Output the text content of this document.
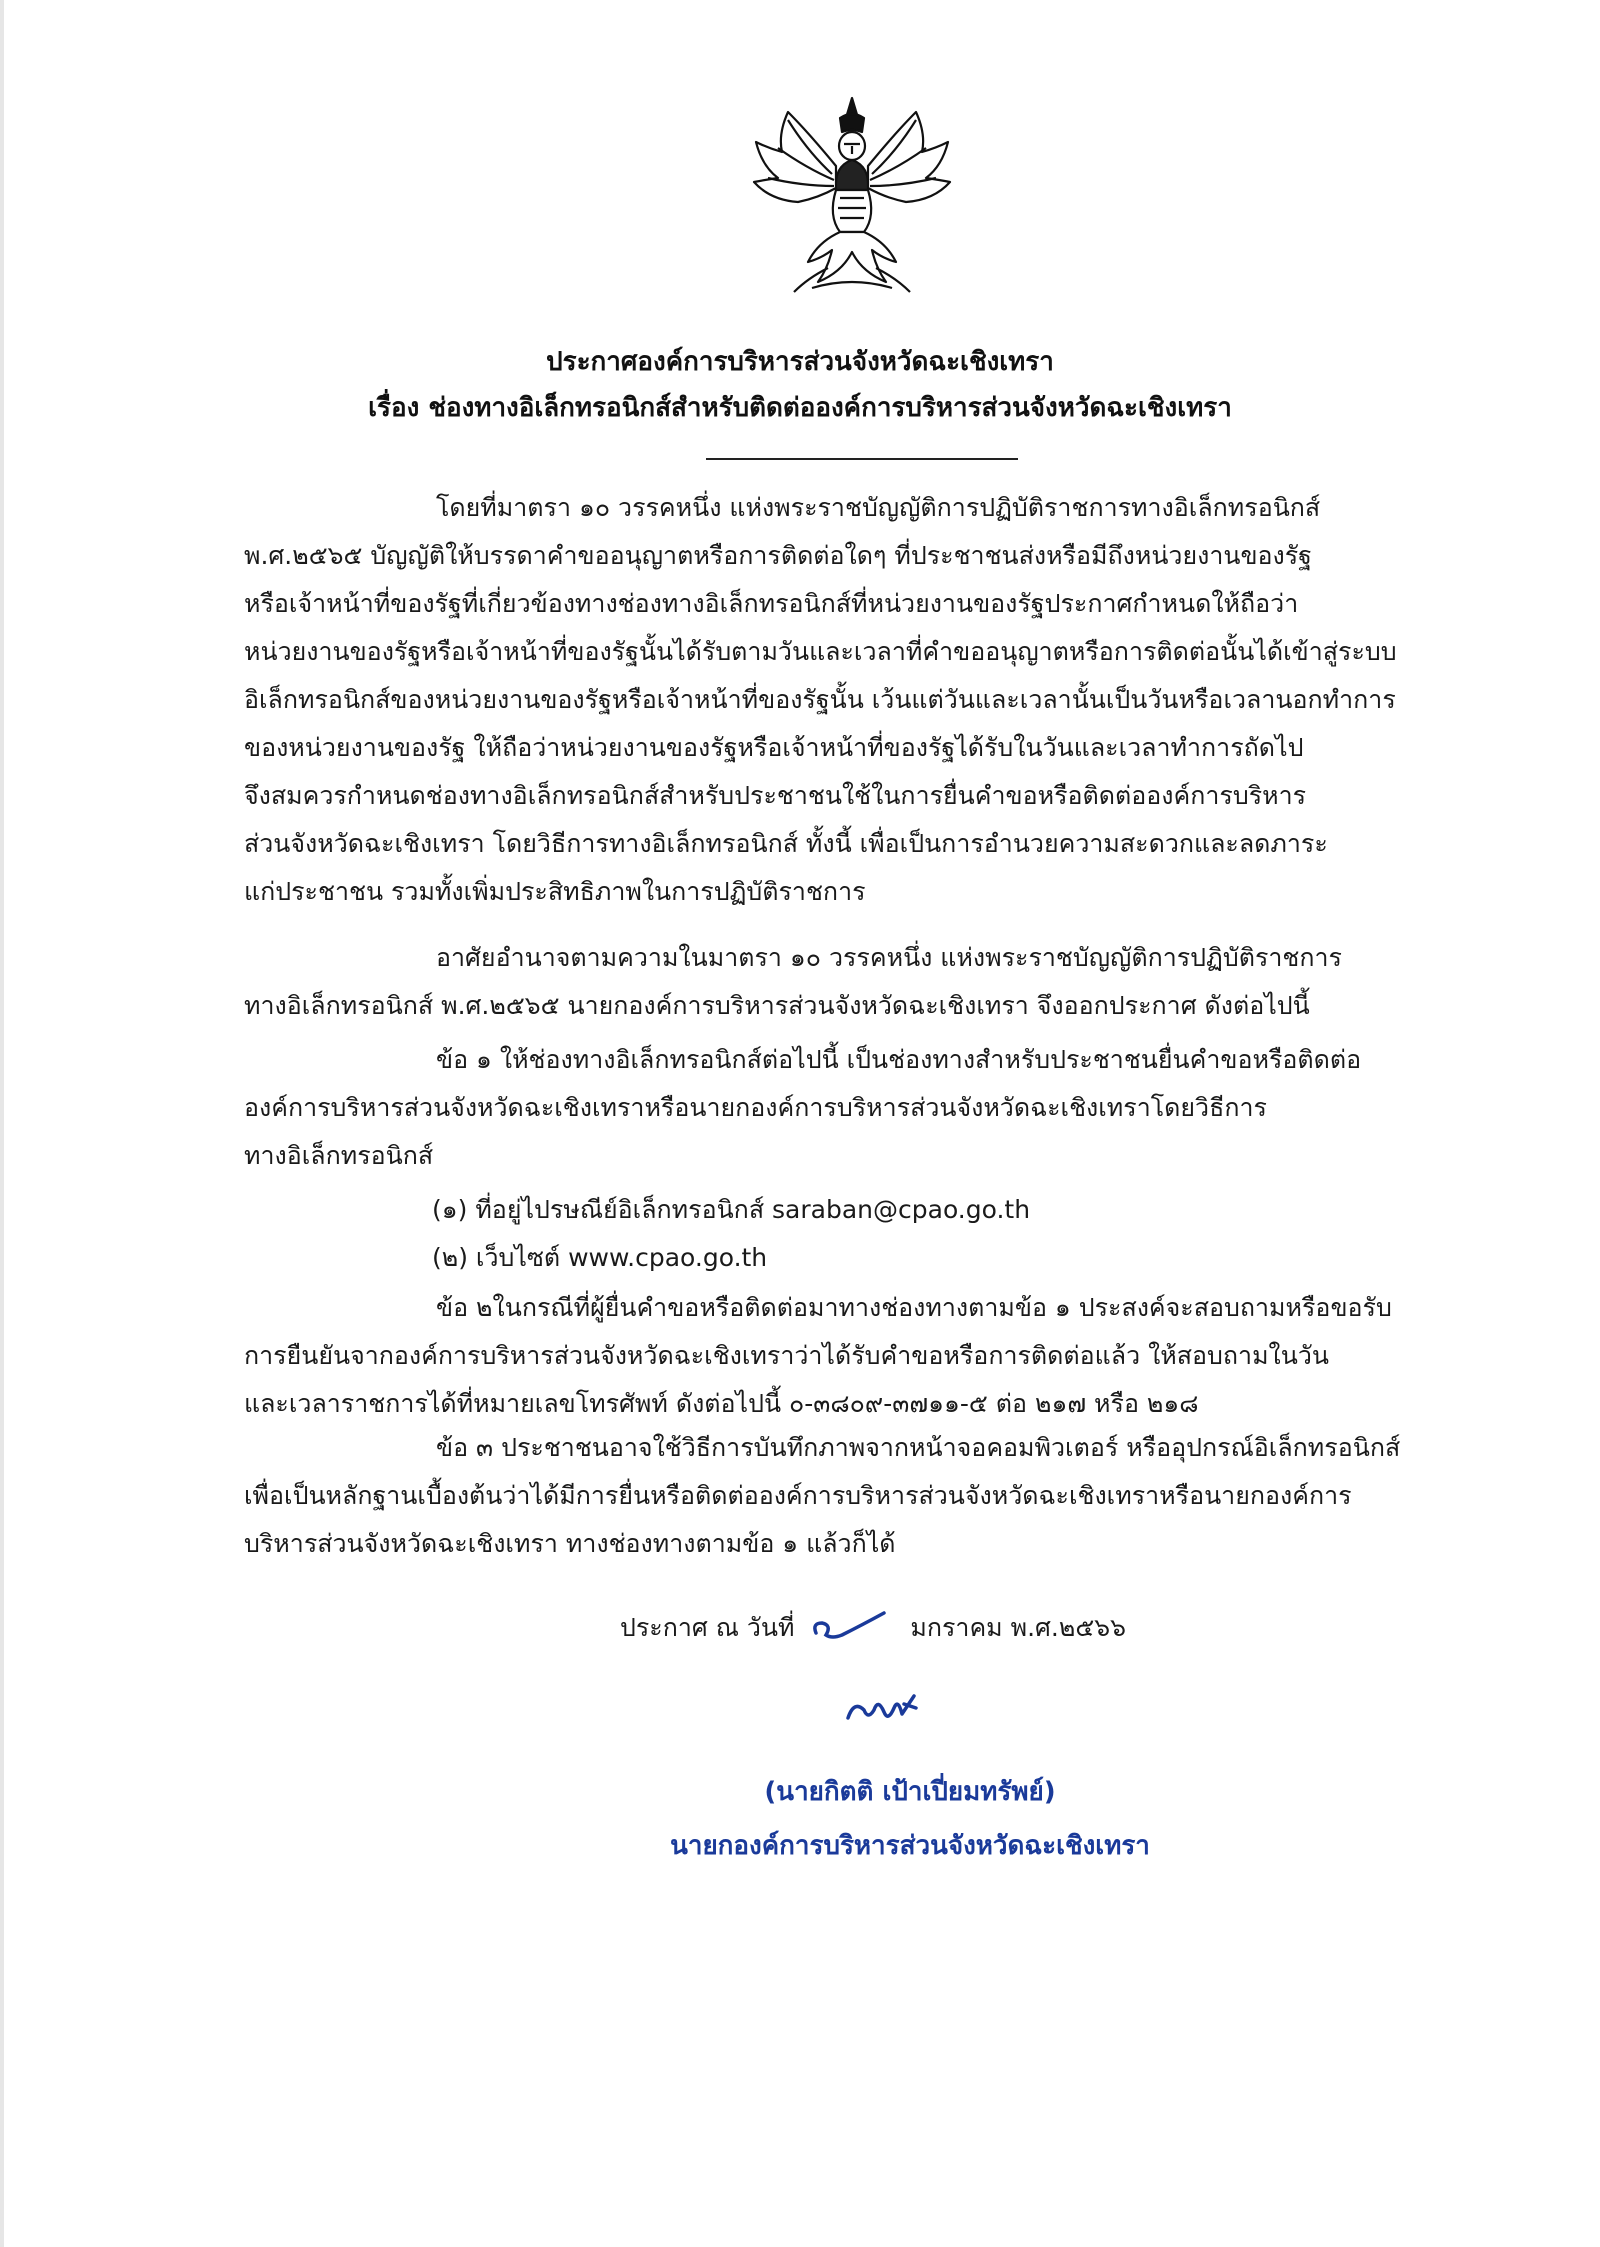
ประกาศองค์การบริหารส่วนจังหวัดฉะเชิงเทรา
เรื่อง ช่องทางอิเล็กทรอนิกส์สำหรับติดต่อองค์การบริหารส่วนจังหวัดฉะเชิงเทรา
โดยที่มาตรา ๑๐ วรรคหนึ่ง แห่งพระราชบัญญัติการปฏิบัติราชการทางอิเล็กทรอนิกส์
พ.ศ.๒๕๖๕ บัญญัติให้บรรดาคำขออนุญาตหรือการติดต่อใดๆ ที่ประชาชนส่งหรือมีถึงหน่วยงานของรัฐ
หรือเจ้าหน้าที่ของรัฐที่เกี่ยวข้องทางช่องทางอิเล็กทรอนิกส์ที่หน่วยงานของรัฐประกาศกำหนดให้ถือว่า
หน่วยงานของรัฐหรือเจ้าหน้าที่ของรัฐนั้นได้รับตามวันและเวลาที่คำขออนุญาตหรือการติดต่อนั้นได้เข้าสู่ระบบ
อิเล็กทรอนิกส์ของหน่วยงานของรัฐหรือเจ้าหน้าที่ของรัฐนั้น เว้นแต่วันและเวลานั้นเป็นวันหรือเวลานอกทำการ
ของหน่วยงานของรัฐ ให้ถือว่าหน่วยงานของรัฐหรือเจ้าหน้าที่ของรัฐได้รับในวันและเวลาทำการถัดไป
จึงสมควรกำหนดช่องทางอิเล็กทรอนิกส์สำหรับประชาชนใช้ในการยื่นคำขอหรือติดต่อองค์การบริหาร
ส่วนจังหวัดฉะเชิงเทรา โดยวิธีการทางอิเล็กทรอนิกส์ ทั้งนี้ เพื่อเป็นการอำนวยความสะดวกและลดภาระ
แก่ประชาชน รวมทั้งเพิ่มประสิทธิภาพในการปฏิบัติราชการ
อาศัยอำนาจตามความในมาตรา ๑๐ วรรคหนึ่ง แห่งพระราชบัญญัติการปฏิบัติราชการ
ทางอิเล็กทรอนิกส์ พ.ศ.๒๕๖๕ นายกองค์การบริหารส่วนจังหวัดฉะเชิงเทรา จึงออกประกาศ ดังต่อไปนี้
ข้อ ๑ ให้ช่องทางอิเล็กทรอนิกส์ต่อไปนี้ เป็นช่องทางสำหรับประชาชนยื่นคำขอหรือติดต่อ
องค์การบริหารส่วนจังหวัดฉะเชิงเทราหรือนายกองค์การบริหารส่วนจังหวัดฉะเชิงเทราโดยวิธีการ
ทางอิเล็กทรอนิกส์
(๑) ที่อยู่ไปรษณีย์อิเล็กทรอนิกส์ saraban@cpao.go.th
(๒) เว็บไซต์ www.cpao.go.th
ข้อ ๒ในกรณีที่ผู้ยื่นคำขอหรือติดต่อมาทางช่องทางตามข้อ ๑ ประสงค์จะสอบถามหรือขอรับ
การยืนยันจากองค์การบริหารส่วนจังหวัดฉะเชิงเทราว่าได้รับคำขอหรือการติดต่อแล้ว ให้สอบถามในวัน
และเวลาราชการได้ที่หมายเลขโทรศัพท์ ดังต่อไปนี้ ๐-๓๘๐๙-๓๗๑๑-๕ ต่อ ๒๑๗ หรือ ๒๑๘
ข้อ ๓ ประชาชนอาจใช้วิธีการบันทึกภาพจากหน้าจอคอมพิวเตอร์ หรืออุปกรณ์อิเล็กทรอนิกส์
เพื่อเป็นหลักฐานเบื้องต้นว่าได้มีการยื่นหรือติดต่อองค์การบริหารส่วนจังหวัดฉะเชิงเทราหรือนายกองค์การ
บริหารส่วนจังหวัดฉะเชิงเทรา ทางช่องทางตามข้อ ๑ แล้วก็ได้
ประกาศ ณ วันที่	มกราคม พ.ศ.๒๕๖๖
(นายกิตติ เป้าเปี่ยมทรัพย์)
นายกองค์การบริหารส่วนจังหวัดฉะเชิงเทรา
